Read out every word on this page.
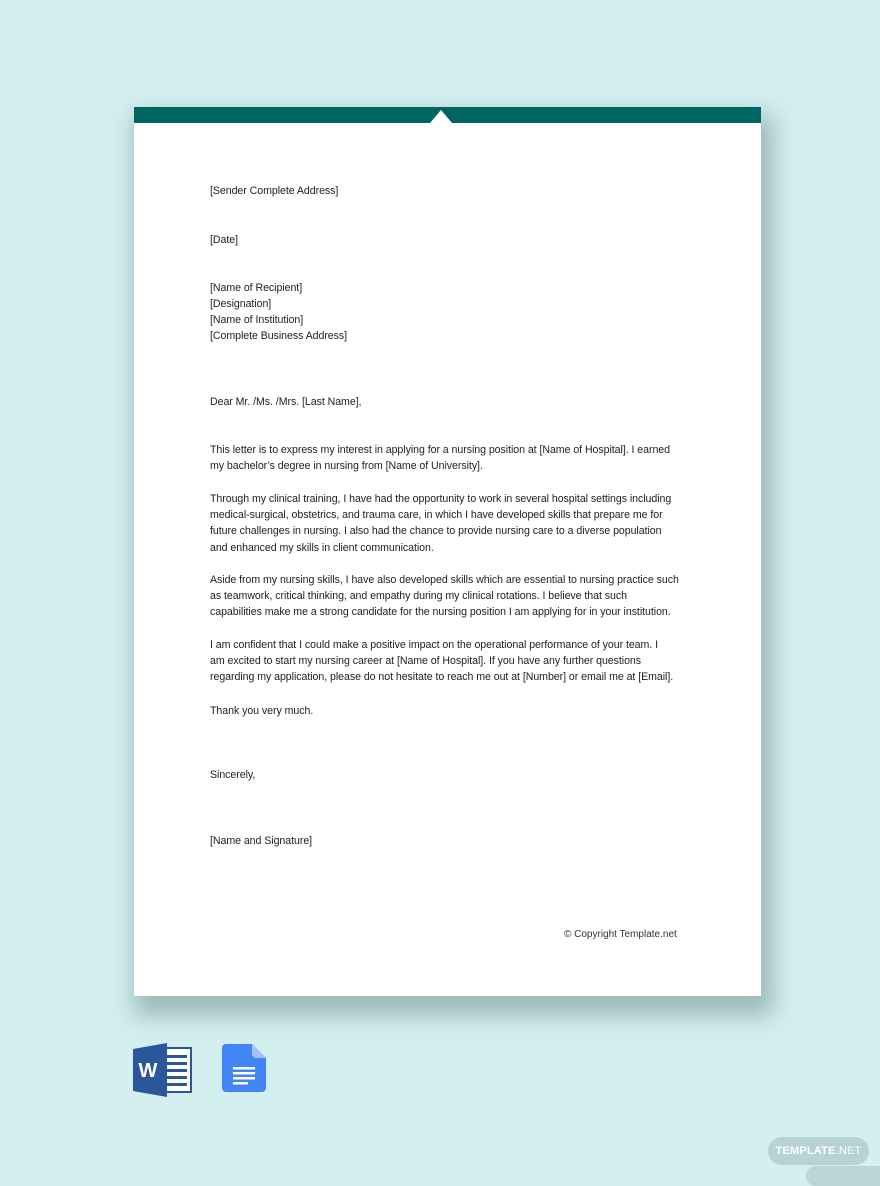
[Sender Complete Address]
[Date]
[Name of Recipient]
[Designation]
[Name of Institution]
[Complete Business Address]
Dear Mr. /Ms. /Mrs. [Last Name],
This letter is to express my interest in applying for a nursing position at [Name of Hospital]. I earned
my bachelor’s degree in nursing from [Name of University].
Through my clinical training, I have had the opportunity to work in several hospital settings including
medical-surgical, obstetrics, and trauma care, in which I have developed skills that prepare me for
future challenges in nursing. I also had the chance to provide nursing care to a diverse population
and enhanced my skills in client communication.
Aside from my nursing skills, I have also developed skills which are essential to nursing practice such
as teamwork, critical thinking, and empathy during my clinical rotations. I believe that such
capabilities make me a strong candidate for the nursing position I am applying for in your institution.
I am confident that I could make a positive impact on the operational performance of your team. I
am excited to start my nursing career at [Name of Hospital]. If you have any further questions
regarding my application, please do not hesitate to reach me out at [Number] or email me at [Email].
Thank you very much.
Sincerely,
[Name and Signature]
© Copyright Template.net
W
TEMPLATE .NET
